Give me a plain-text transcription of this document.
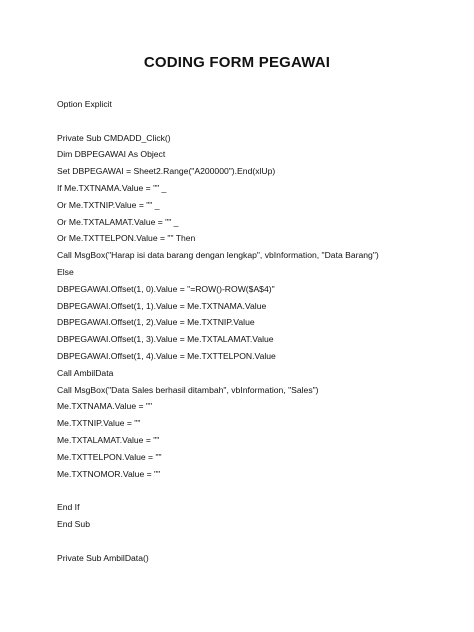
CODING FORM PEGAWAI
Option Explicit
Private Sub CMDADD_Click()
Dim DBPEGAWAI As Object
Set DBPEGAWAI = Sheet2.Range("A200000").End(xlUp)
If Me.TXTNAMA.Value = "" _
Or Me.TXTNIP.Value = "" _
Or Me.TXTALAMAT.Value = "" _
Or Me.TXTTELPON.Value = "" Then
Call MsgBox("Harap isi data barang dengan lengkap", vbInformation, "Data Barang")
Else
DBPEGAWAI.Offset(1, 0).Value = "=ROW()-ROW($A$4)"
DBPEGAWAI.Offset(1, 1).Value = Me.TXTNAMA.Value
DBPEGAWAI.Offset(1, 2).Value = Me.TXTNIP.Value
DBPEGAWAI.Offset(1, 3).Value = Me.TXTALAMAT.Value
DBPEGAWAI.Offset(1, 4).Value = Me.TXTTELPON.Value
Call AmbilData
Call MsgBox("Data Sales berhasil ditambah", vbInformation, "Sales")
Me.TXTNAMA.Value = ""
Me.TXTNIP.Value = ""
Me.TXTALAMAT.Value = ""
Me.TXTTELPON.Value = ""
Me.TXTNOMOR.Value = ""
End If
End Sub
Private Sub AmbilData()
